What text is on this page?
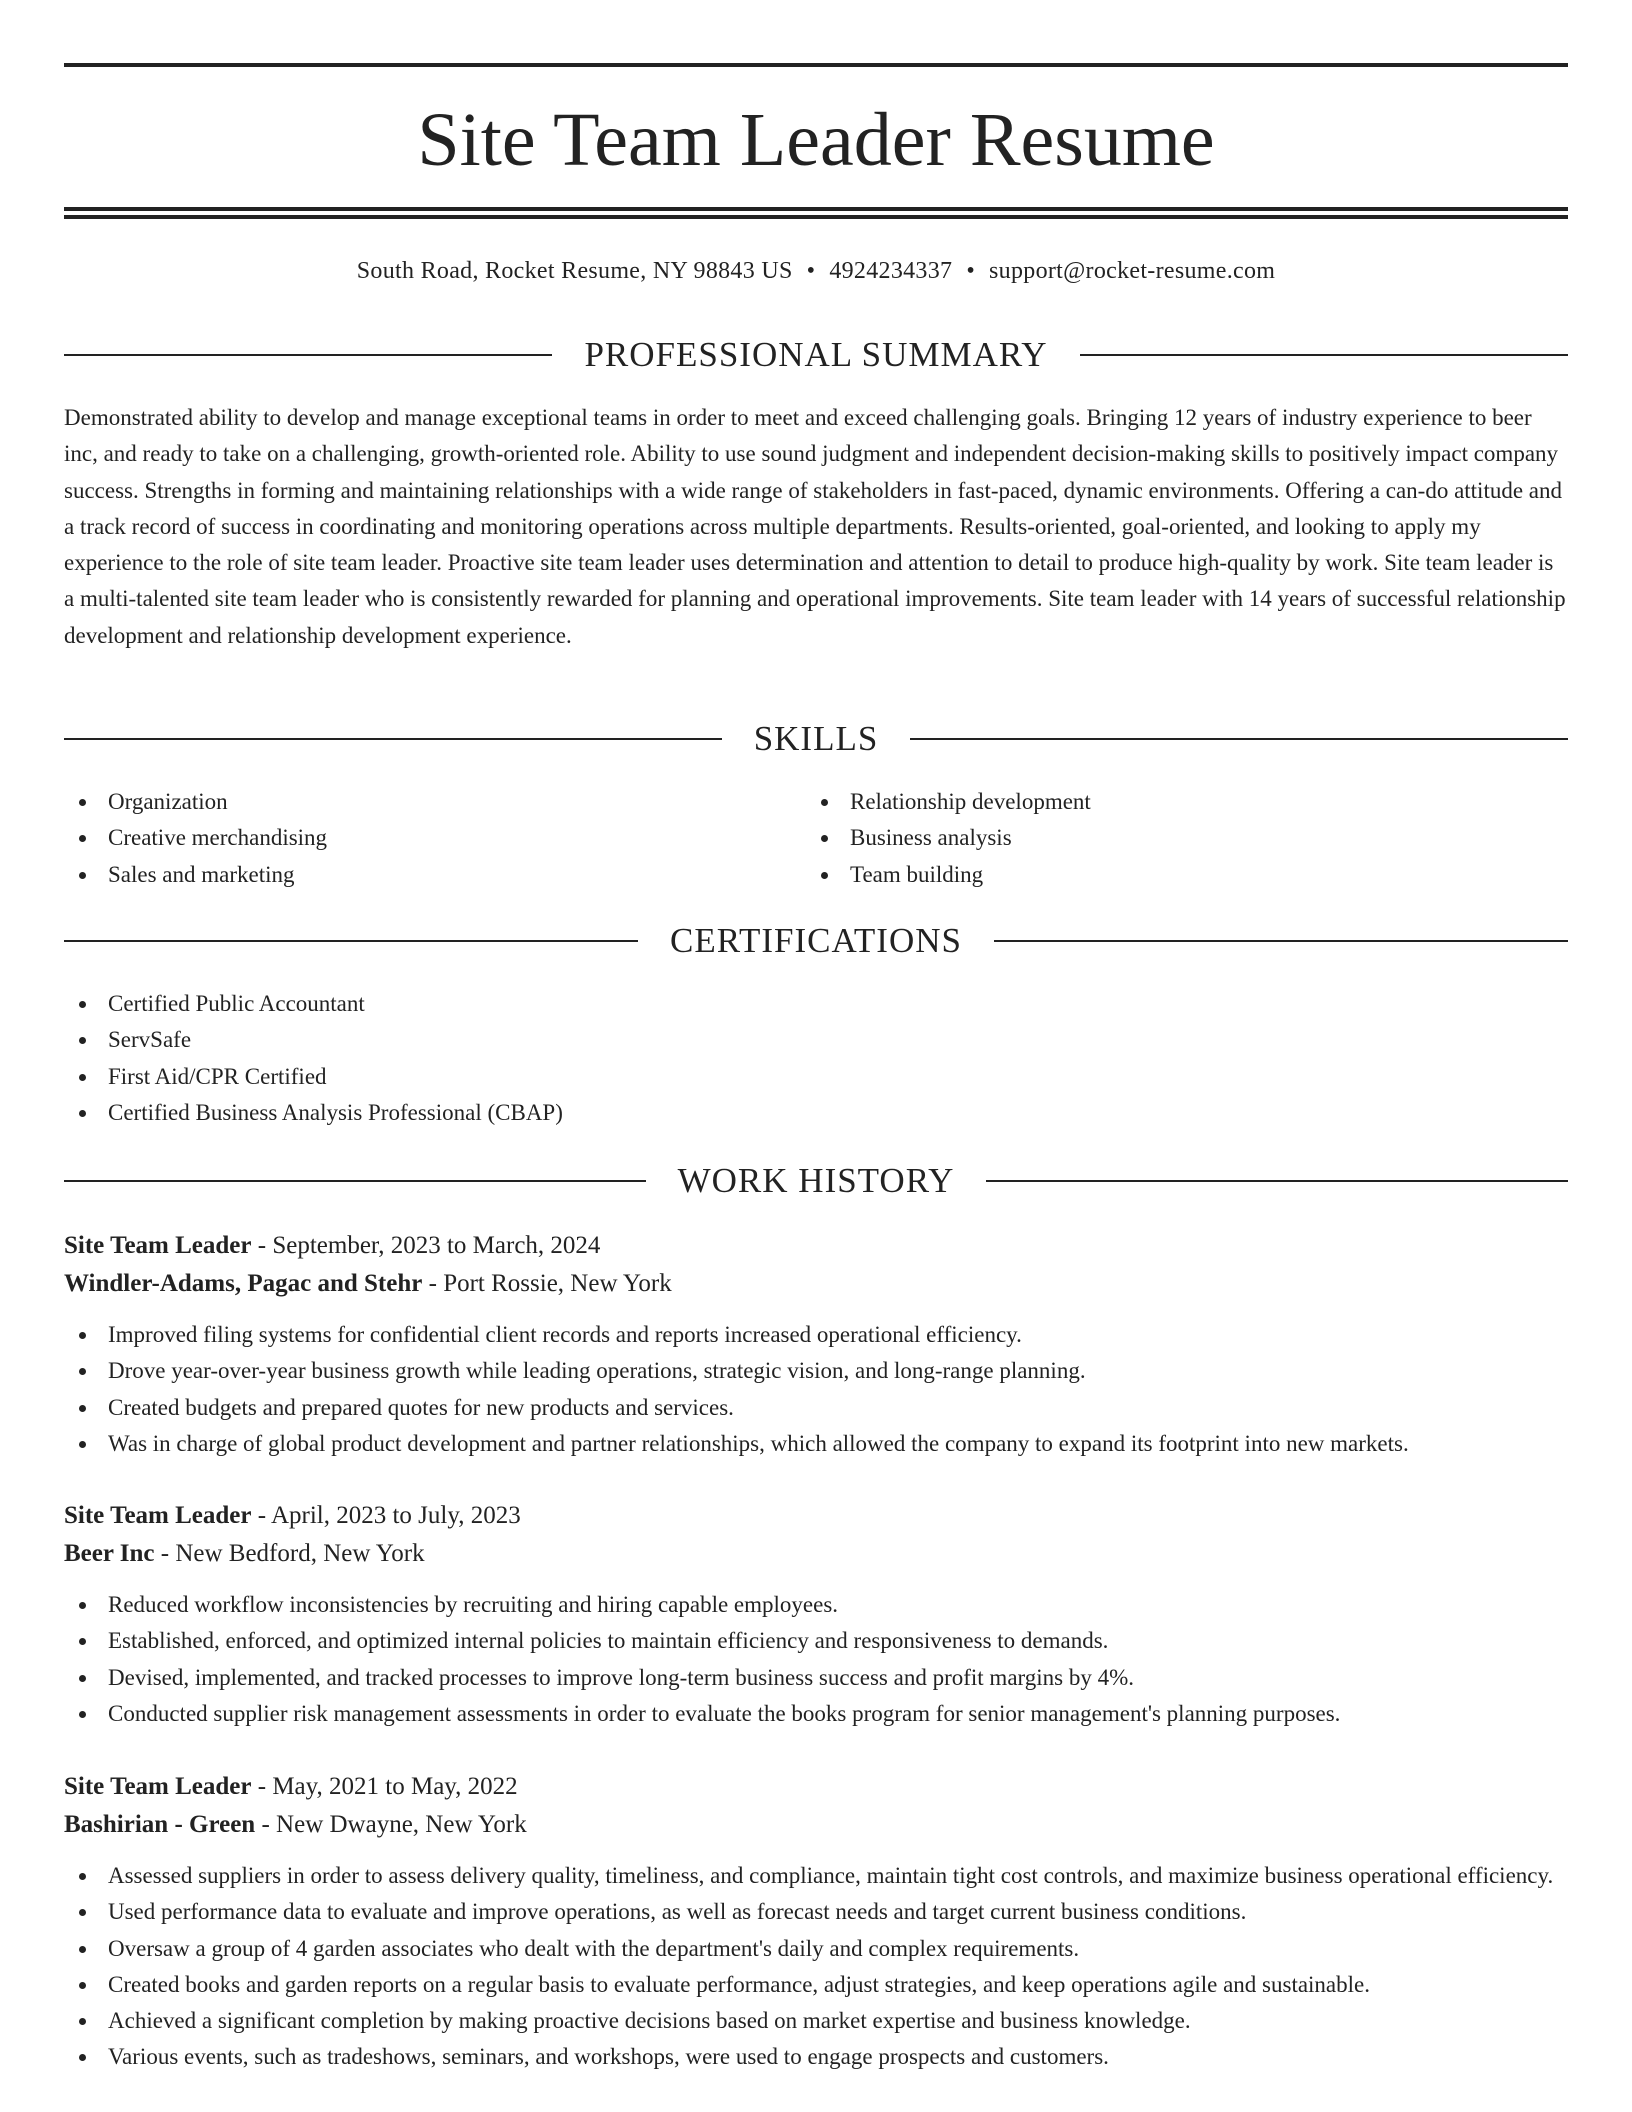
Site Team Leader Resume
South Road, Rocket Resume, NY 98843 US • 4924234337 • support@rocket-resume.com
PROFESSIONAL SUMMARY

Demonstrated ability to develop and manage exceptional teams in order to meet and exceed challenging goals. Bringing 12 years of industry experience to beer inc, and ready to take on a challenging, growth-oriented role. Ability to use sound judgment and independent decision-making skills to positively impact company success. Strengths in forming and maintaining relationships with a wide range of stakeholders in fast-paced, dynamic environments. Offering a can-do attitude and a track record of success in coordinating and monitoring operations across multiple departments. Results-oriented, goal-oriented, and looking to apply my experience to the role of site team leader. Proactive site team leader uses determination and attention to detail to produce high-quality by work. Site team leader is a multi-talented site team leader who is consistently rewarded for planning and operational improvements. Site team leader with 14 years of successful relationship development and relationship development experience.

SKILLS
Organization
Creative merchandising
Sales and marketing
Relationship development
Business analysis
Team building
CERTIFICATIONS
Certified Public Accountant
ServSafe
First Aid/CPR Certified
Certified Business Analysis Professional (CBAP)
WORK HISTORY
Site Team Leader - September, 2023 to March, 2024
Windler-Adams, Pagac and Stehr - Port Rossie, New York
Improved filing systems for confidential client records and reports increased operational efficiency.
Drove year-over-year business growth while leading operations, strategic vision, and long-range planning.
Created budgets and prepared quotes for new products and services.
Was in charge of global product development and partner relationships, which allowed the company to expand its footprint into new markets.
Site Team Leader - April, 2023 to July, 2023
Beer Inc - New Bedford, New York
Reduced workflow inconsistencies by recruiting and hiring capable employees.
Established, enforced, and optimized internal policies to maintain efficiency and responsiveness to demands.
Devised, implemented, and tracked processes to improve long-term business success and profit margins by 4%.
Conducted supplier risk management assessments in order to evaluate the books program for senior management's planning purposes.
Site Team Leader - May, 2021 to May, 2022
Bashirian - Green - New Dwayne, New York
Assessed suppliers in order to assess delivery quality, timeliness, and compliance, maintain tight cost controls, and maximize business operational efficiency.
Used performance data to evaluate and improve operations, as well as forecast needs and target current business conditions.
Oversaw a group of 4 garden associates who dealt with the department's daily and complex requirements.
Created books and garden reports on a regular basis to evaluate performance, adjust strategies, and keep operations agile and sustainable.
Achieved a significant completion by making proactive decisions based on market expertise and business knowledge.
Various events, such as tradeshows, seminars, and workshops, were used to engage prospects and customers.
